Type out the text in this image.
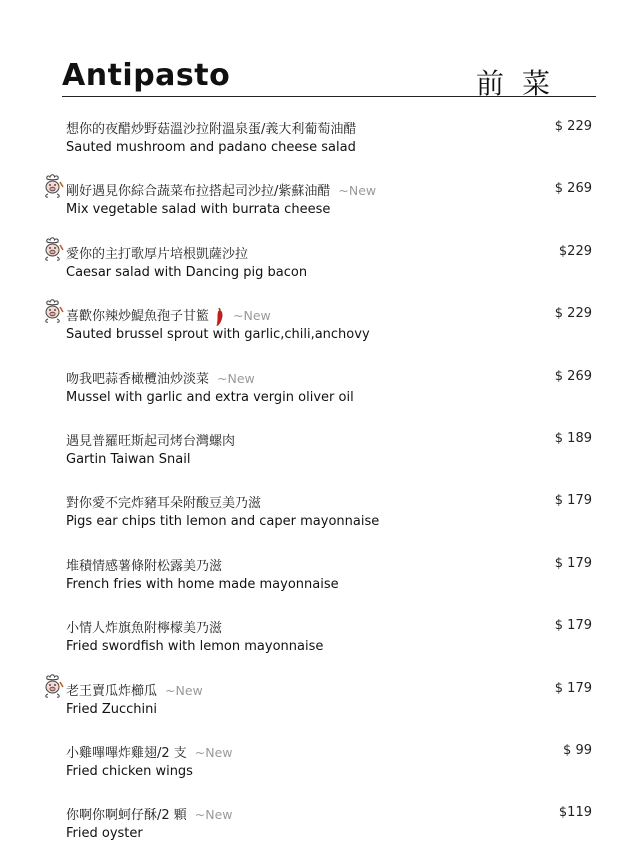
Antipasto	前菜
想你的夜醋炒野菇溫沙拉附溫泉蛋/義大利葡萄油醋
Sauted mushroom and padano cheese salad
$ 229
剛好遇見你綜合蔬菜布拉搭起司沙拉/紫蘇油醋 ~New
Mix vegetable salad with burrata cheese
$ 269
愛你的主打歌厚片培根凱薩沙拉
Caesar salad with Dancing pig bacon
$229
喜歡你辣炒鯷魚孢子甘籃 ~New
Sauted brussel sprout with garlic,chili,anchovy
$ 229
吻我吧蒜香橄欖油炒淡菜 ~New
Mussel with garlic and extra vergin oliver oil
$ 269
遇見普羅旺斯起司烤台灣螺肉
Gartin Taiwan Snail
$ 189
對你愛不完炸豬耳朵附酸豆美乃滋
Pigs ear chips tith lemon and caper mayonnaise
$ 179
堆積情感薯條附松露美乃滋
French fries with home made mayonnaise
$ 179
小情人炸旗魚附檸檬美乃滋
Fried swordfish with lemon mayonnaise
$ 179
老王賣瓜炸櫛瓜 ~New
Fried Zucchini
$ 179
小雞嗶嗶炸雞翅/2 支 ~New
Fried chicken wings
$ 99
你啊你啊蚵仔酥/2 顆 ~New
Fried oyster
$119
